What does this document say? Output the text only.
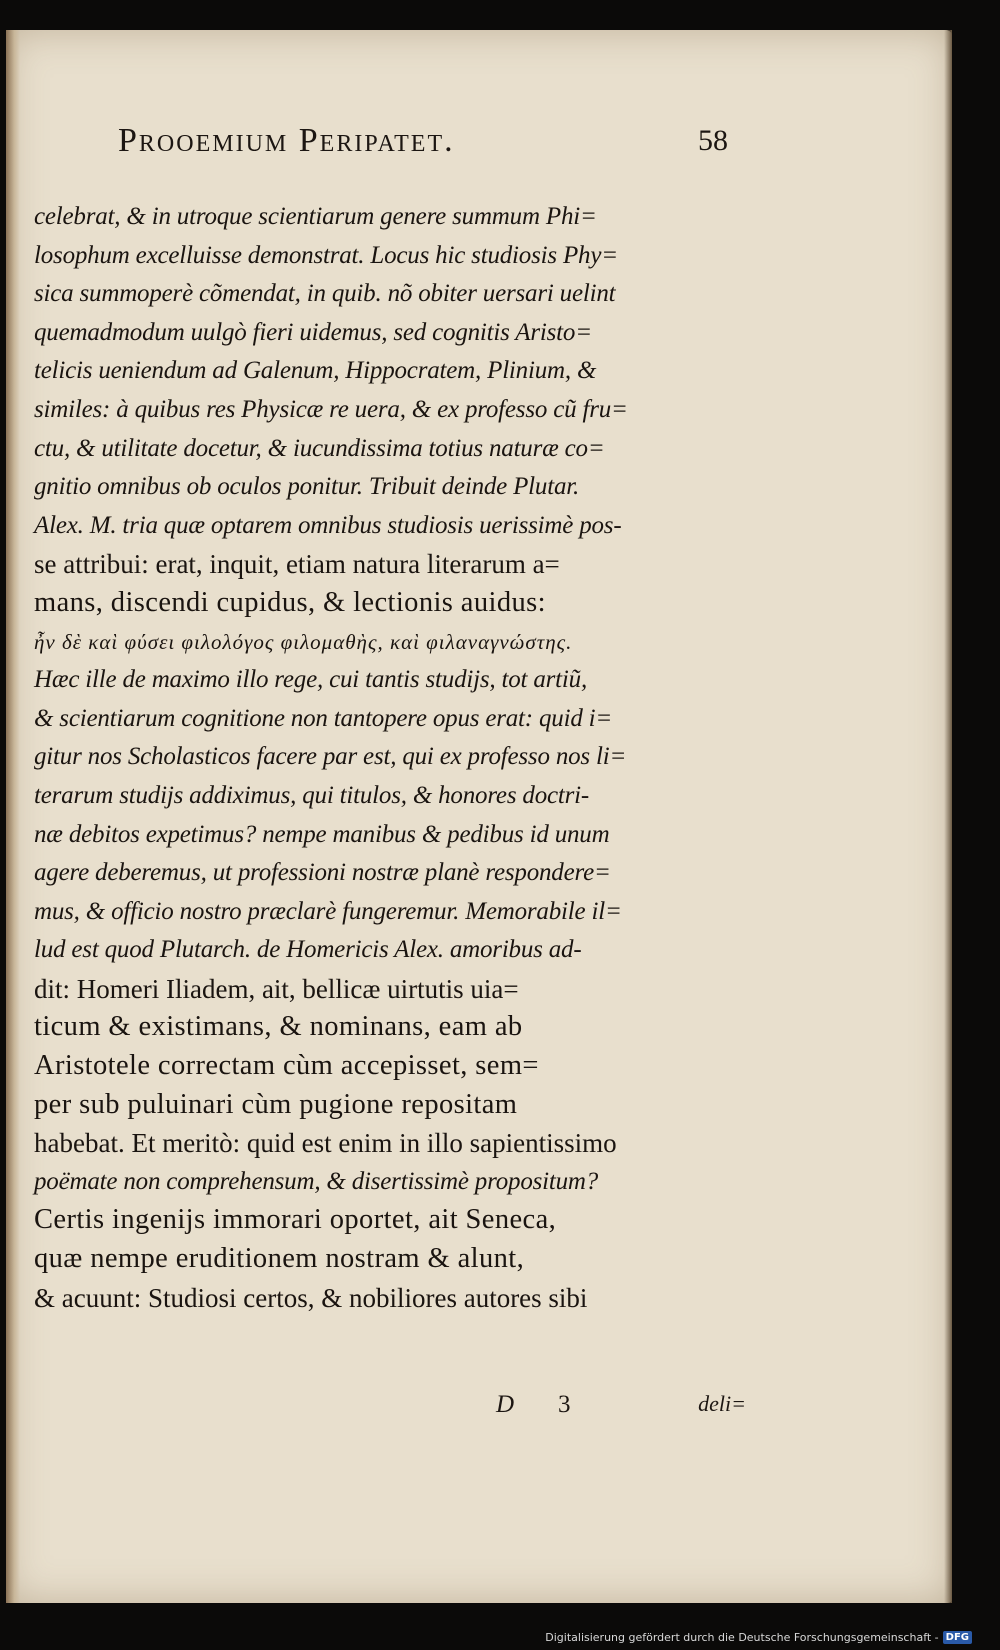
Prooemium Peripatet.	58
celebrat, & in utroque scientiarum genere summum Phi=
losophum excelluisse demonstrat. Locus hic studiosis Phy=
sica summoperè cõmendat, in quib. nõ obiter uersari uelint
quemadmodum uulgò fieri uidemus, sed cognitis Aristo=
telicis ueniendum ad Galenum, Hippocratem, Plinium, &
similes: à quibus res Physicæ re uera, & ex professo cũ fru=
ctu, & utilitate docetur, & iucundissima totius naturæ co=
gnitio omnibus ob oculos ponitur. Tribuit deinde Plutar.
Alex. M. tria quæ optarem omnibus studiosis uerissimè pos-
se attribui: erat, inquit, etiam natura literarum a=
mans, discendi cupidus, & lectionis auidus:
ἦν δὲ καὶ φύσει φιλολόγος φιλομαθὴς, καὶ φιλαναγνώστης.
Hæc ille de maximo illo rege, cui tantis studijs, tot artiũ,
& scientiarum cognitione non tantopere opus erat: quid i=
gitur nos Scholasticos facere par est, qui ex professo nos li=
terarum studijs addiximus, qui titulos, & honores doctri-
næ debitos expetimus? nempe manibus & pedibus id unum
agere deberemus, ut professioni nostræ planè respondere=
mus, & officio nostro præclarè fungeremur. Memorabile il=
lud est quod Plutarch. de Homericis Alex. amoribus ad-
dit: Homeri Iliadem, ait, bellicæ uirtutis uia=
ticum & existimans, & nominans, eam ab
Aristotele correctam cùm accepisset, sem=
per sub puluinari cùm pugione repositam
habebat. Et meritò: quid est enim in illo sapientissimo
poëmate non comprehensum, & disertissimè propositum?
Certis ingenijs immorari oportet, ait Seneca,
quæ nempe eruditionem nostram & alunt,
& acuunt: Studiosi certos, & nobiliores autores sibi
D 3	deli=
Digitalisierung gefördert durch die Deutsche Forschungsgemeinschaft - DFG
